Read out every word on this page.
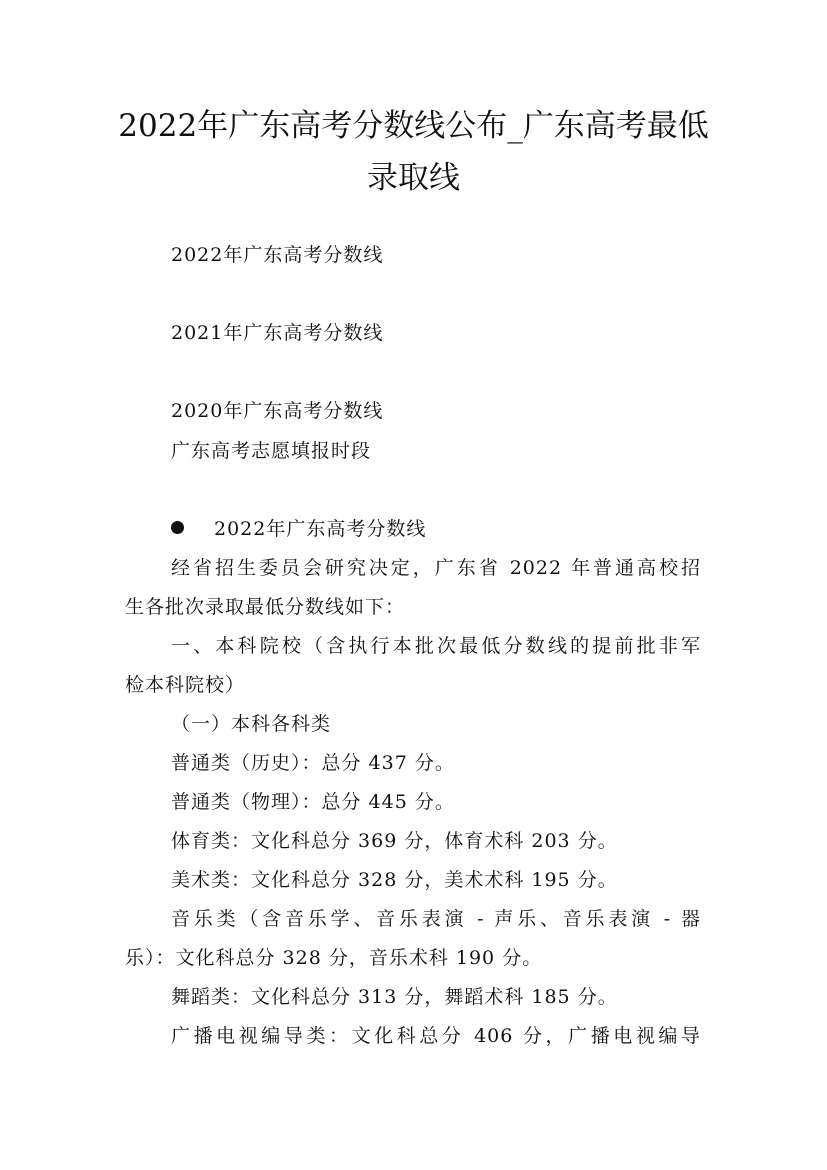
2022年广东高考分数线公布_广东高考最低
录取线

2022年广东高考分数线

2021年广东高考分数线

2020年广东高考分数线

广东高考志愿填报时段

2022年广东高考分数线

经省招生委员会研究决定，广东省 2022 年普通高校招

生各批次录取最低分数线如下：

一、本科院校（含执行本批次最低分数线的提前批非军

检本科院校）

（一）本科各科类

普通类（历史）：总分 437 分。

普通类（物理）：总分 445 分。

体育类：文化科总分 369 分，体育术科 203 分。

美术类：文化科总分 328 分，美术术科 195 分。

音乐类（含音乐学、音乐表演 - 声乐、音乐表演 - 器

乐）：文化科总分 328 分，音乐术科 190 分。

舞蹈类：文化科总分 313 分，舞蹈术科 185 分。

广播电视编导类：文化科总分 406 分，广播电视编导
